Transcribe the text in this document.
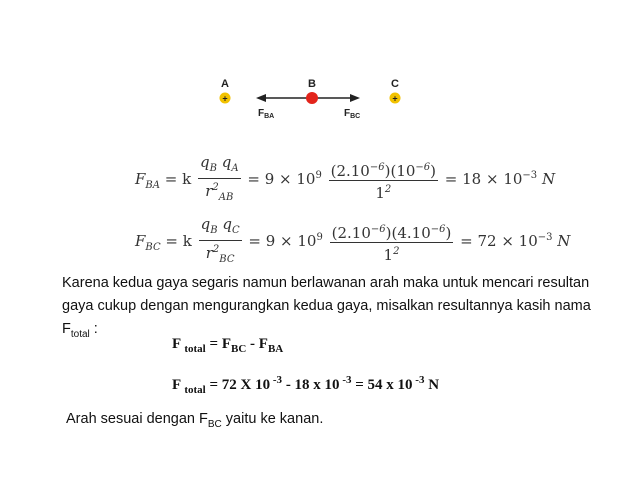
A	B	C
+	+
$F_{BA}$	$F_{BC}$
$F_{BA} = k \frac{q_B q_A}{r^2_{AB}} = 9 \times 10^9 \frac{(2.10^{-6})(10^{-6})}{1^2} = 18 \times 10^{-3}$ N
$F_{BC} = k \frac{q_B q_C}{r^2_{BC}} = 9 \times 10^9 \frac{(2.10^{-6})(4.10^{-6})}{1^2} = 72 \times 10^{-3}$ N
Karena kedua gaya segaris namun berlawanan arah maka untuk mencari resultan
gaya cukup dengan mengurangkan kedua gaya, misalkan resultannya kasih nama
$F_{total}$ :
F $_{total} = F_{BC} - F_{BA}$
F $_{total}$ = 72 X 10 $^{-3}$ - 18 x 10 $^{-3}$ = 54 x 10 $^{-3}$ N
Arah sesuai dengan $F_{BC}$ yaitu ke kanan.
